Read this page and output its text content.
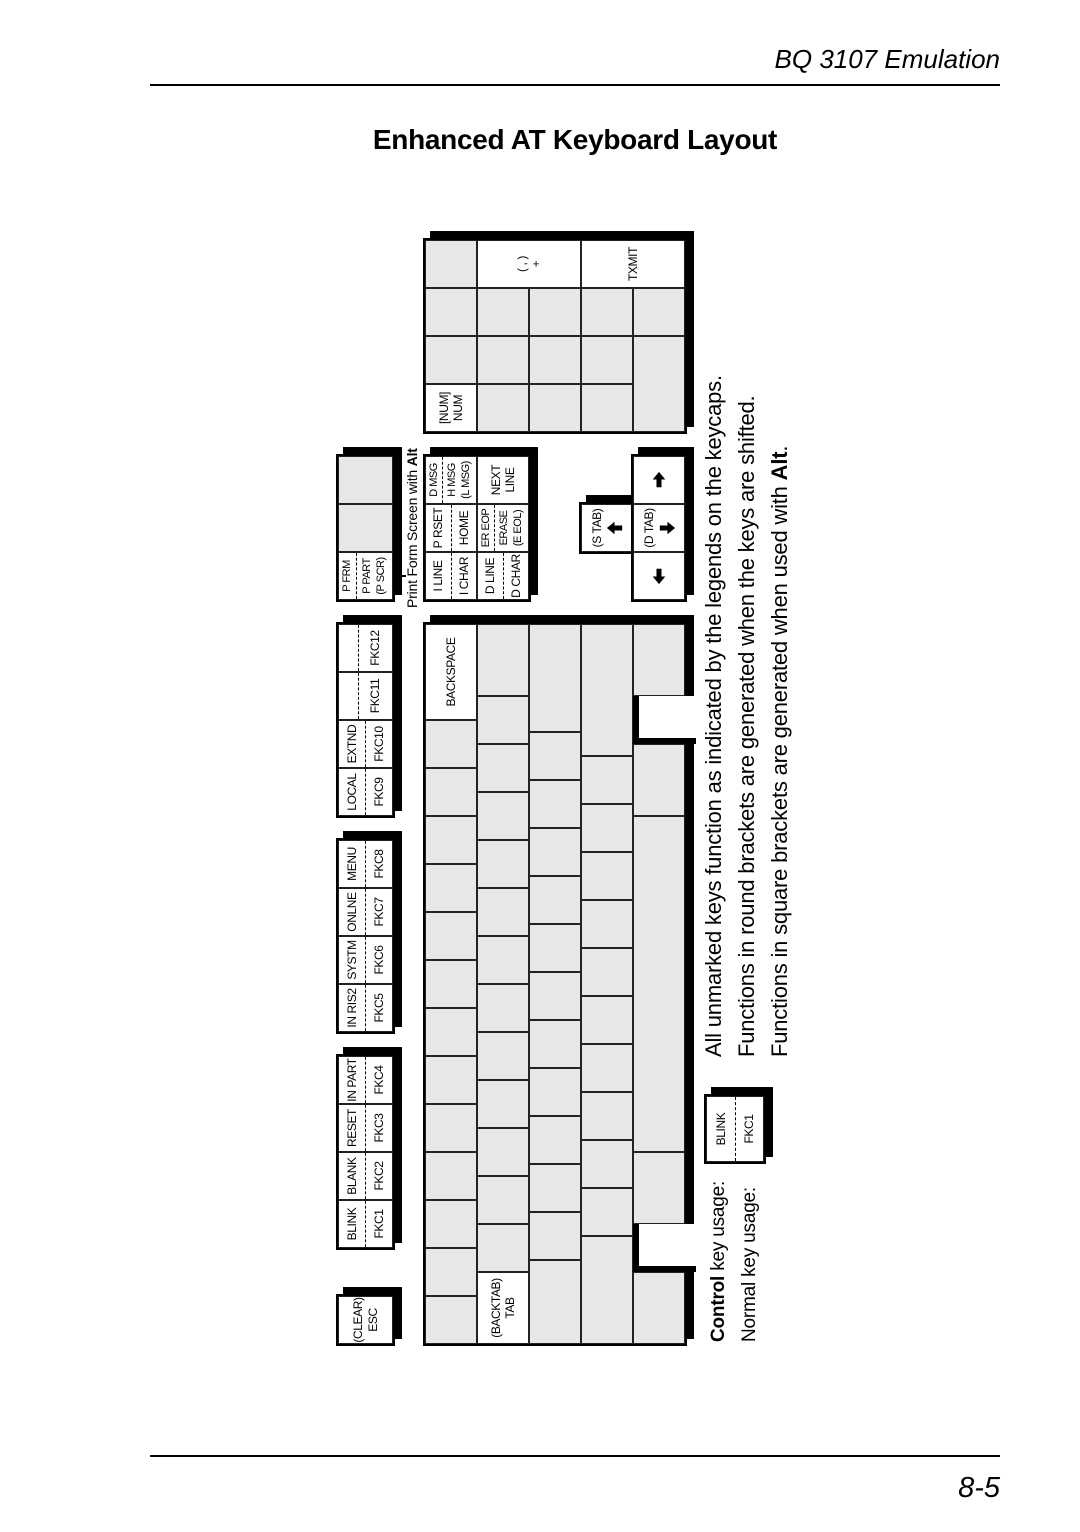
BQ 3107 Emulation
Enhanced AT Keyboard Layout
Print Form Screen with Alt	All unmarked keys function as indicated by the legends on the keycaps. Functions in round brackets are generated when the keys are shifted. Functions in square brackets are generated when used with Alt.
Control key usage: Normal key usage:
(CLEAR) ESC
BLINK FKC1
BLANK FKC2
RESET FKC3
IN PART FKC4
IN RIS2 FKC5
SYSTM FKC6
ONLNE FKC7
MENU FKC8
LOCAL FKC9
EXTND FKC10
FKC11
FKC12
P FRM P PART (P SCR)
BACKSPACE
(BACKTAB) TAB
I LINE I CHAR
P RSET HOME
D MSG H MSG (L MSG)
D LINE D CHAR
ER EOP ERASE (E EOL)
NEXT LINE
(S TAB)	(D TAB)
[NUM] NUM
( , ) +	TXMIT
BLINK FKC1
8-5
